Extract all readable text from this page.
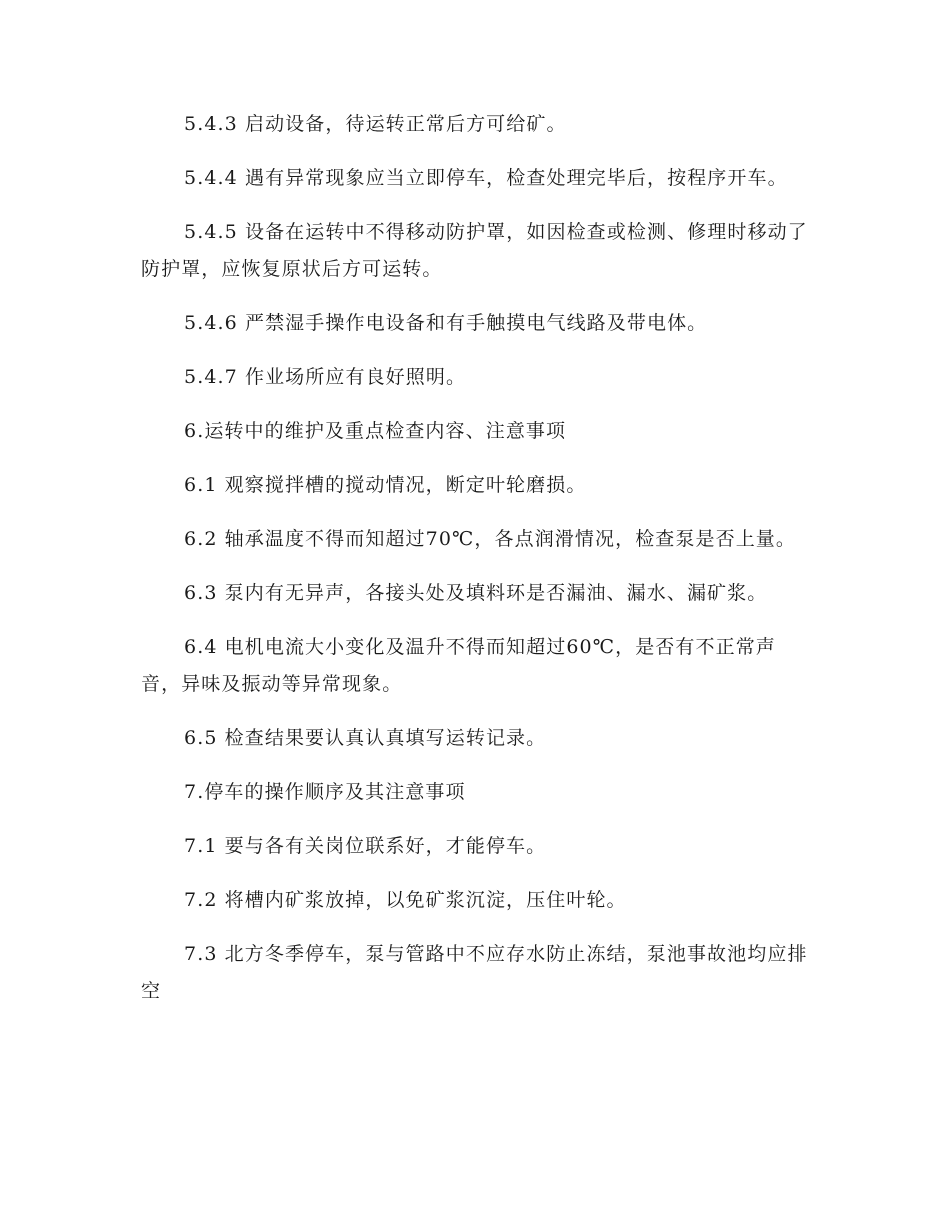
5.4.3 启动设备，待运转正常后方可给矿。

5.4.4 遇有异常现象应当立即停车，检查处理完毕后，按程序开车。

5.4.5 设备在运转中不得移动防护罩，如因检查或检测、修理时移动了防护罩，应恢复原状后方可运转。

5.4.6 严禁湿手操作电设备和有手触摸电气线路及带电体。

5.4.7 作业场所应有良好照明。

6.运转中的维护及重点检查内容、注意事项

6.1 观察搅拌槽的搅动情况，断定叶轮磨损。

6.2 轴承温度不得而知超过70℃，各点润滑情况，检查泵是否上量。

6.3 泵内有无异声，各接头处及填料环是否漏油、漏水、漏矿浆。

6.4 电机电流大小变化及温升不得而知超过60℃，是否有不正常声音，异味及振动等异常现象。

6.5 检查结果要认真认真填写运转记录。

7.停车的操作顺序及其注意事项

7.1 要与各有关岗位联系好，才能停车。

7.2 将槽内矿浆放掉，以免矿浆沉淀，压住叶轮。

7.3 北方冬季停车，泵与管路中不应存水防止冻结，泵池事故池均应排空
